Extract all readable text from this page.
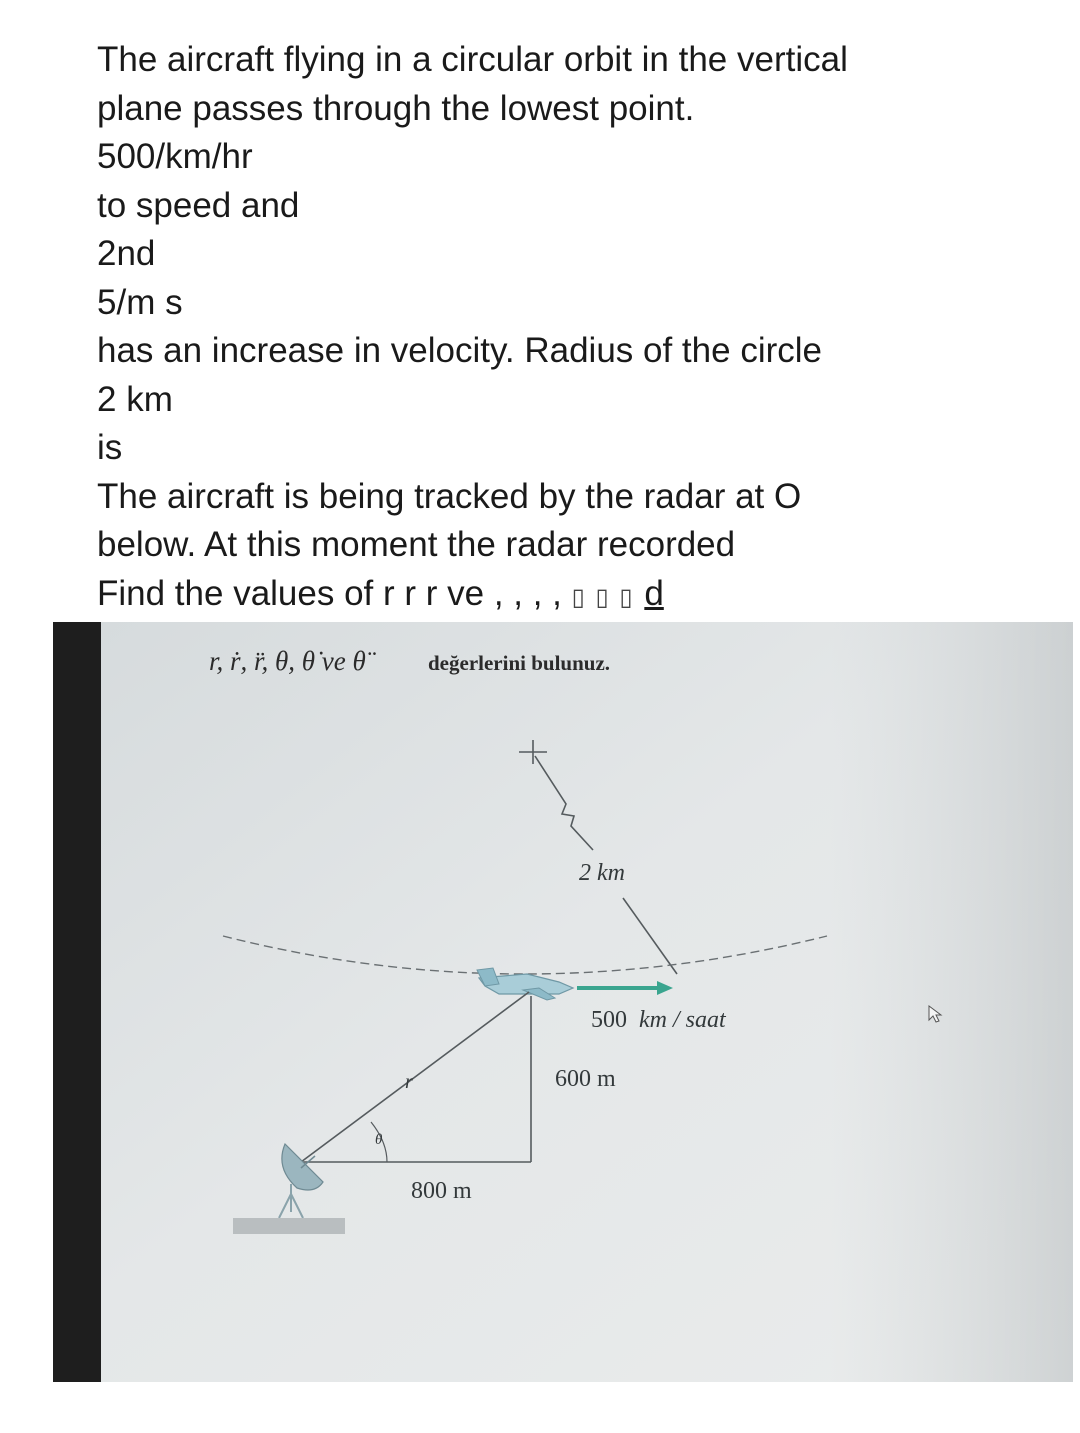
The aircraft flying in a circular orbit in the vertical

plane passes through the lowest point.

500/km/hr

to speed and

2nd

5/m s

has an increase in velocity. Radius of the circle

2 km

is

The aircraft is being tracked by the radar at O

below. At this moment the radar recorded

Find the values of r r r ve , , , , ▯ ▯ ▯ d

r, ṙ, r̈, θ, θ̇ ve θ̈	değerlerini bulunuz.
2 km
500 km / saat
600 m
800 m
r
θ
